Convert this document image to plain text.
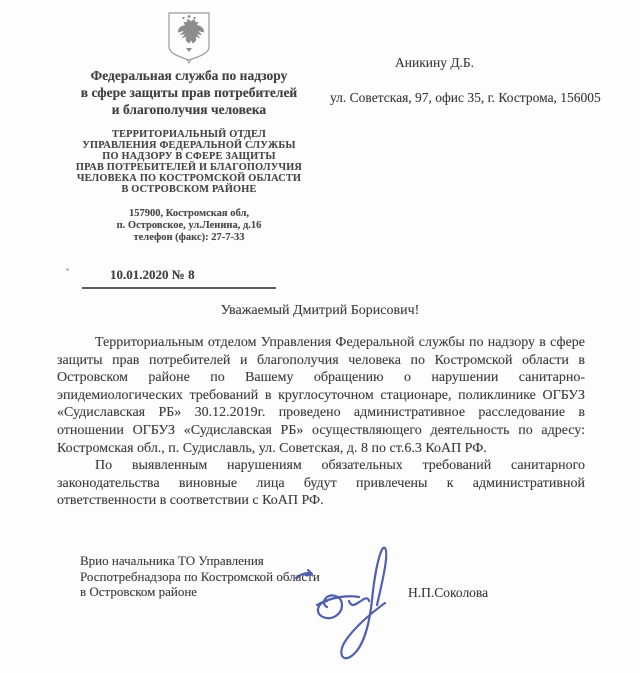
Федеральная служба по надзору
в сфере защиты прав потребителей
и благополучия человека
ТЕРРИТОРИАЛЬНЫЙ ОТДЕЛ
УПРАВЛЕНИЯ ФЕДЕРАЛЬНОЙ СЛУЖБЫ
ПО НАДЗОРУ В СФЕРЕ ЗАЩИТЫ
ПРАВ ПОТРЕБИТЕЛЕЙ И БЛАГОПОЛУЧИЯ
ЧЕЛОВЕКА ПО КОСТРОМСКОЙ ОБЛАСТИ
В ОСТРОВСКОМ РАЙОНЕ
157900, Костромская обл,
п. Островское, ул.Ленина, д.16
телефон (факс): 27-7-33
10.01.2020 № 8
Аникину Д.Б.
ул. Советская, 97, офис 35, г. Кострома, 156005
Уважаемый Дмитрий Борисович!

Территориальным отделом Управления Федеральной службы по надзору в сфере защиты прав потребителей и благополучия человека по Костромской области в Островском районе по Вашему обращению о нарушении санитарно-эпидемиологических требований в круглосуточном стационаре, поликлинике ОГБУЗ «Судиславская РБ» 30.12.2019г. проведено административное расследование в отношении ОГБУЗ «Судиславская РБ» осуществляющего деятельность по адресу: Костромская обл., п. Судиславль, ул. Советская, д. 8 по ст.6.3 КоАП РФ.

По выявленным нарушениям обязательных требований санитарного законодательства виновные лица будут привлечены к административной ответственности в соответствии с КоАП РФ.

Врио начальника ТО Управления
Роспотребнадзора по Костромской области
в Островском районе	Н.П.Соколова
